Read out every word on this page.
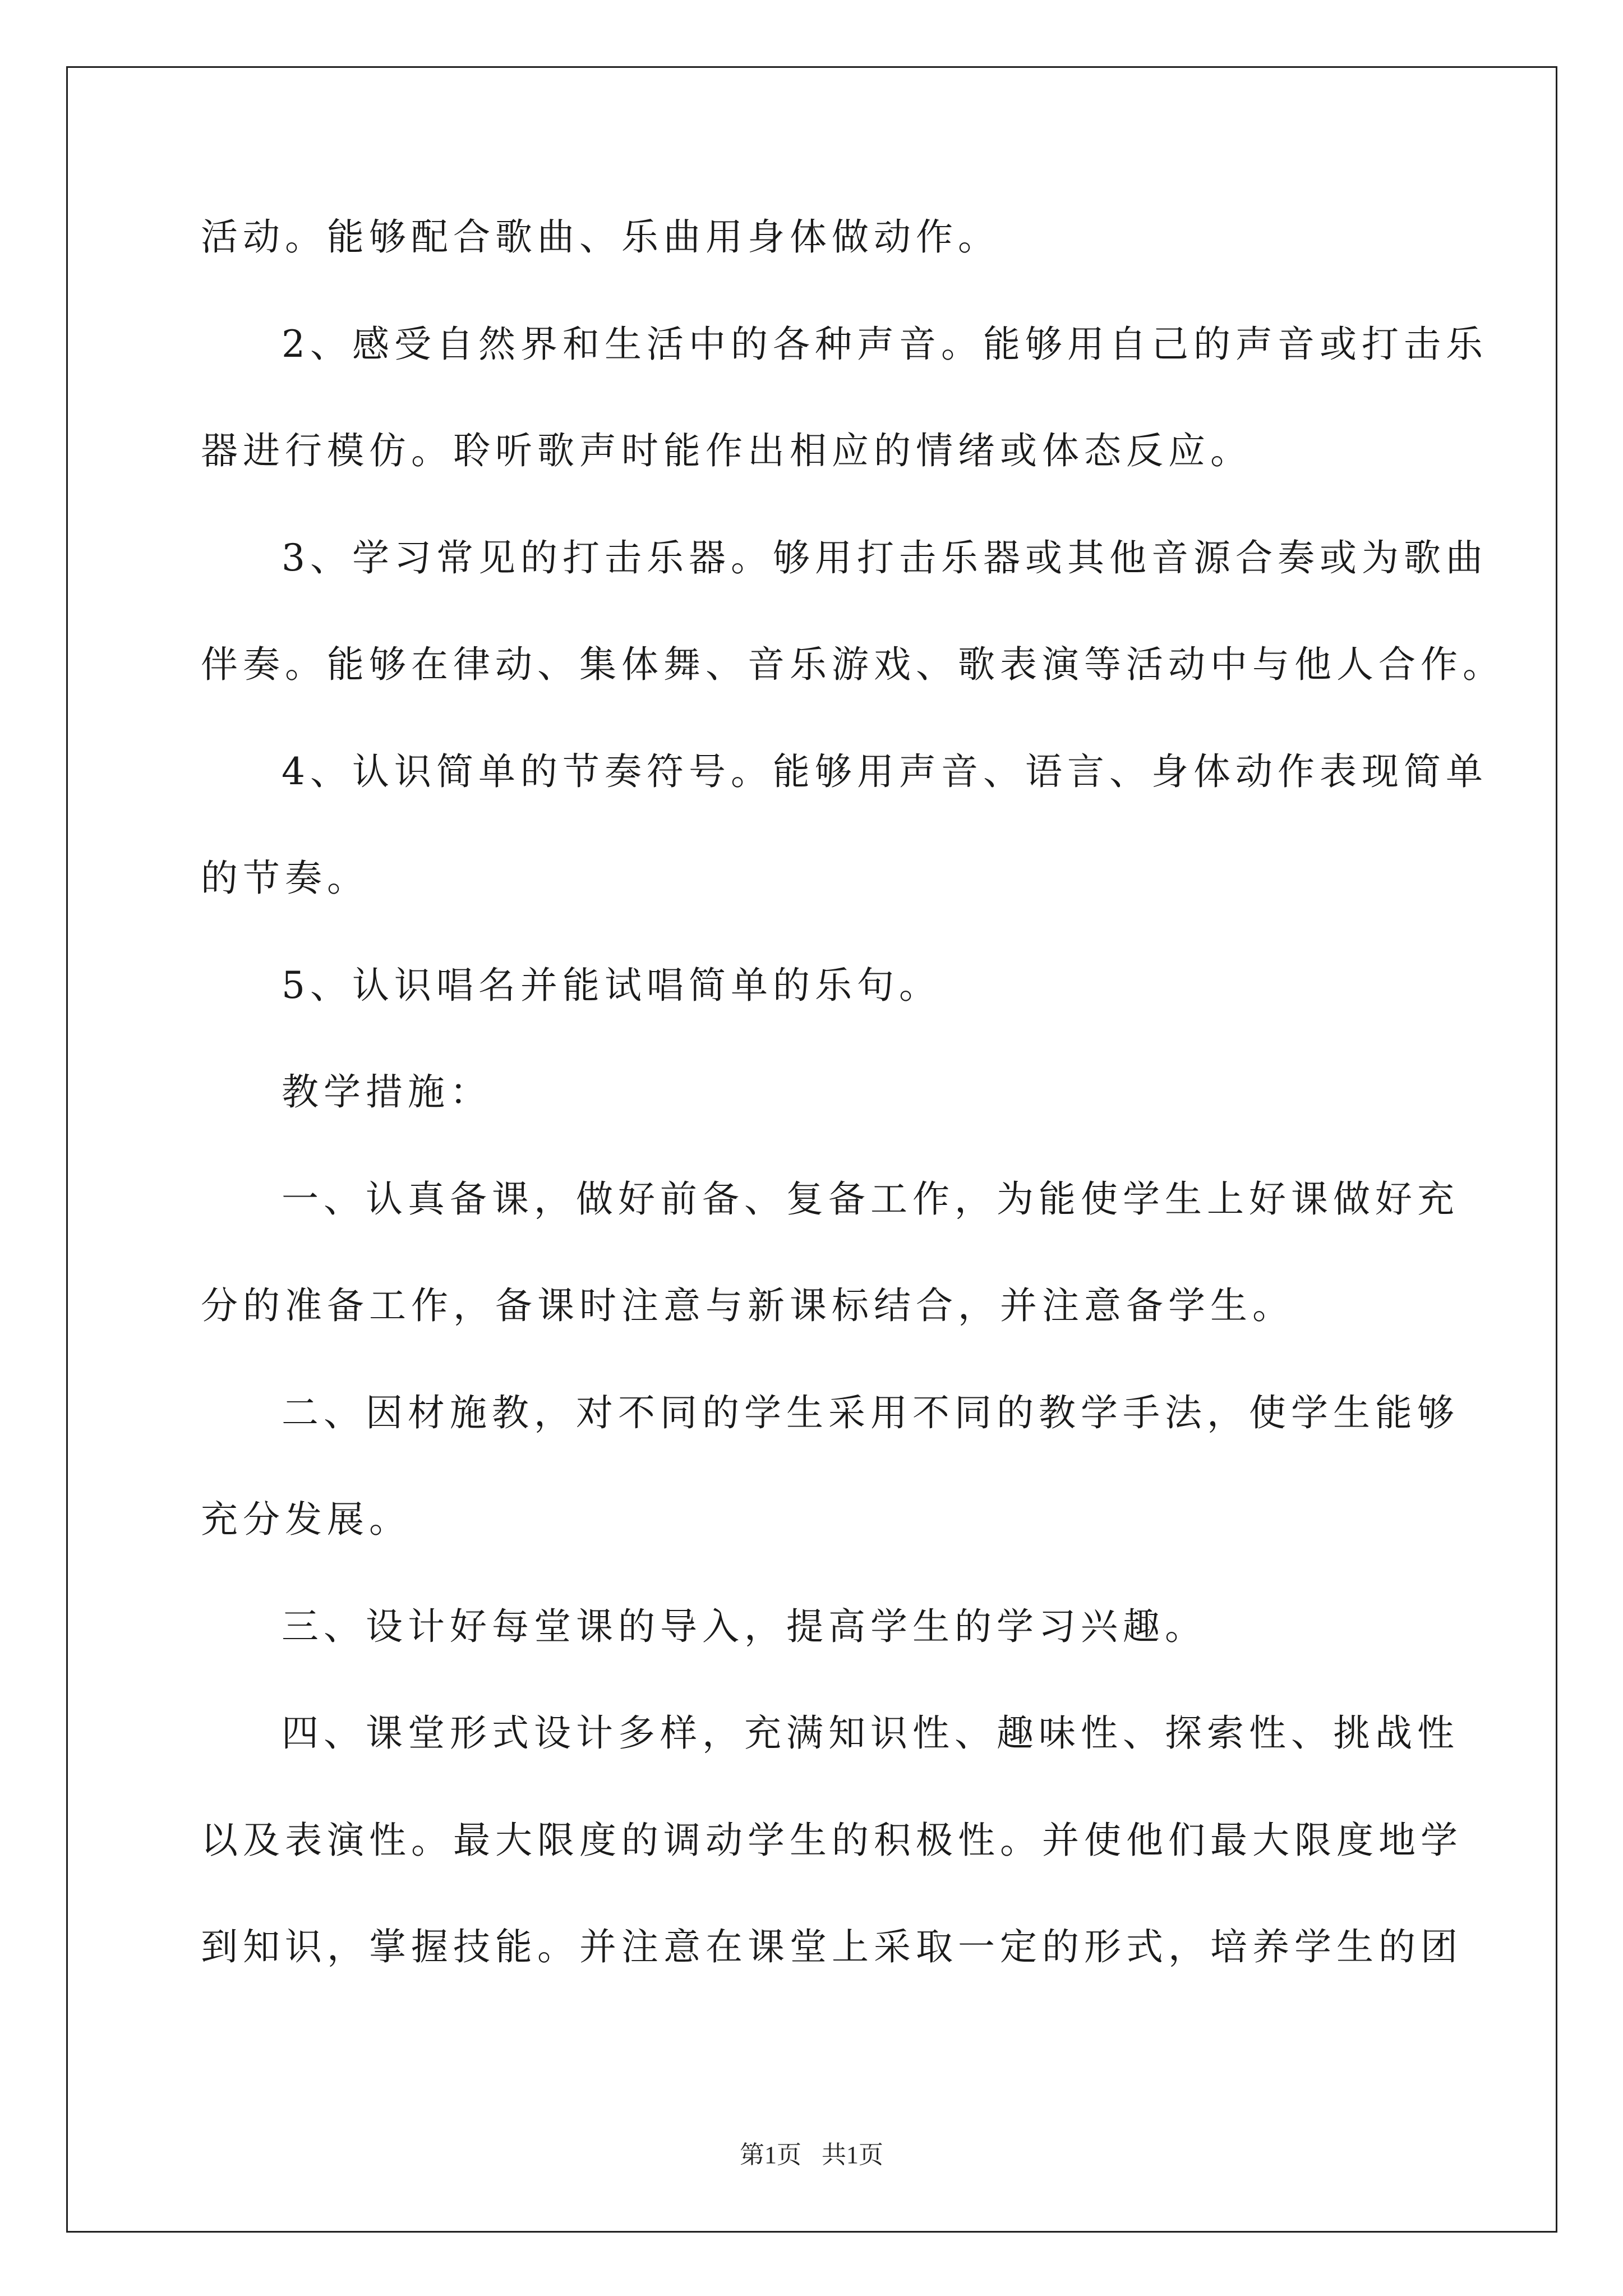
活动。能够配合歌曲、乐曲用身体做动作。
2、感受自然界和生活中的各种声音。能够用自己的声音或打击乐
器进行模仿。聆听歌声时能作出相应的情绪或体态反应。
3、学习常见的打击乐器。够用打击乐器或其他音源合奏或为歌曲
伴奏。能够在律动、集体舞、音乐游戏、歌表演等活动中与他人合作。
4、认识简单的节奏符号。能够用声音、语言、身体动作表现简单
的节奏。
5、认识唱名并能试唱简单的乐句。
教学措施：
一、认真备课，做好前备、复备工作，为能使学生上好课做好充
分的准备工作，备课时注意与新课标结合，并注意备学生。
二、因材施教，对不同的学生采用不同的教学手法，使学生能够
充分发展。
三、设计好每堂课的导入，提高学生的学习兴趣。
四、课堂形式设计多样，充满知识性、趣味性、探索性、挑战性
以及表演性。最大限度的调动学生的积极性。并使他们最大限度地学
到知识，掌握技能。并注意在课堂上采取一定的形式，培养学生的团
第1页 共1页
